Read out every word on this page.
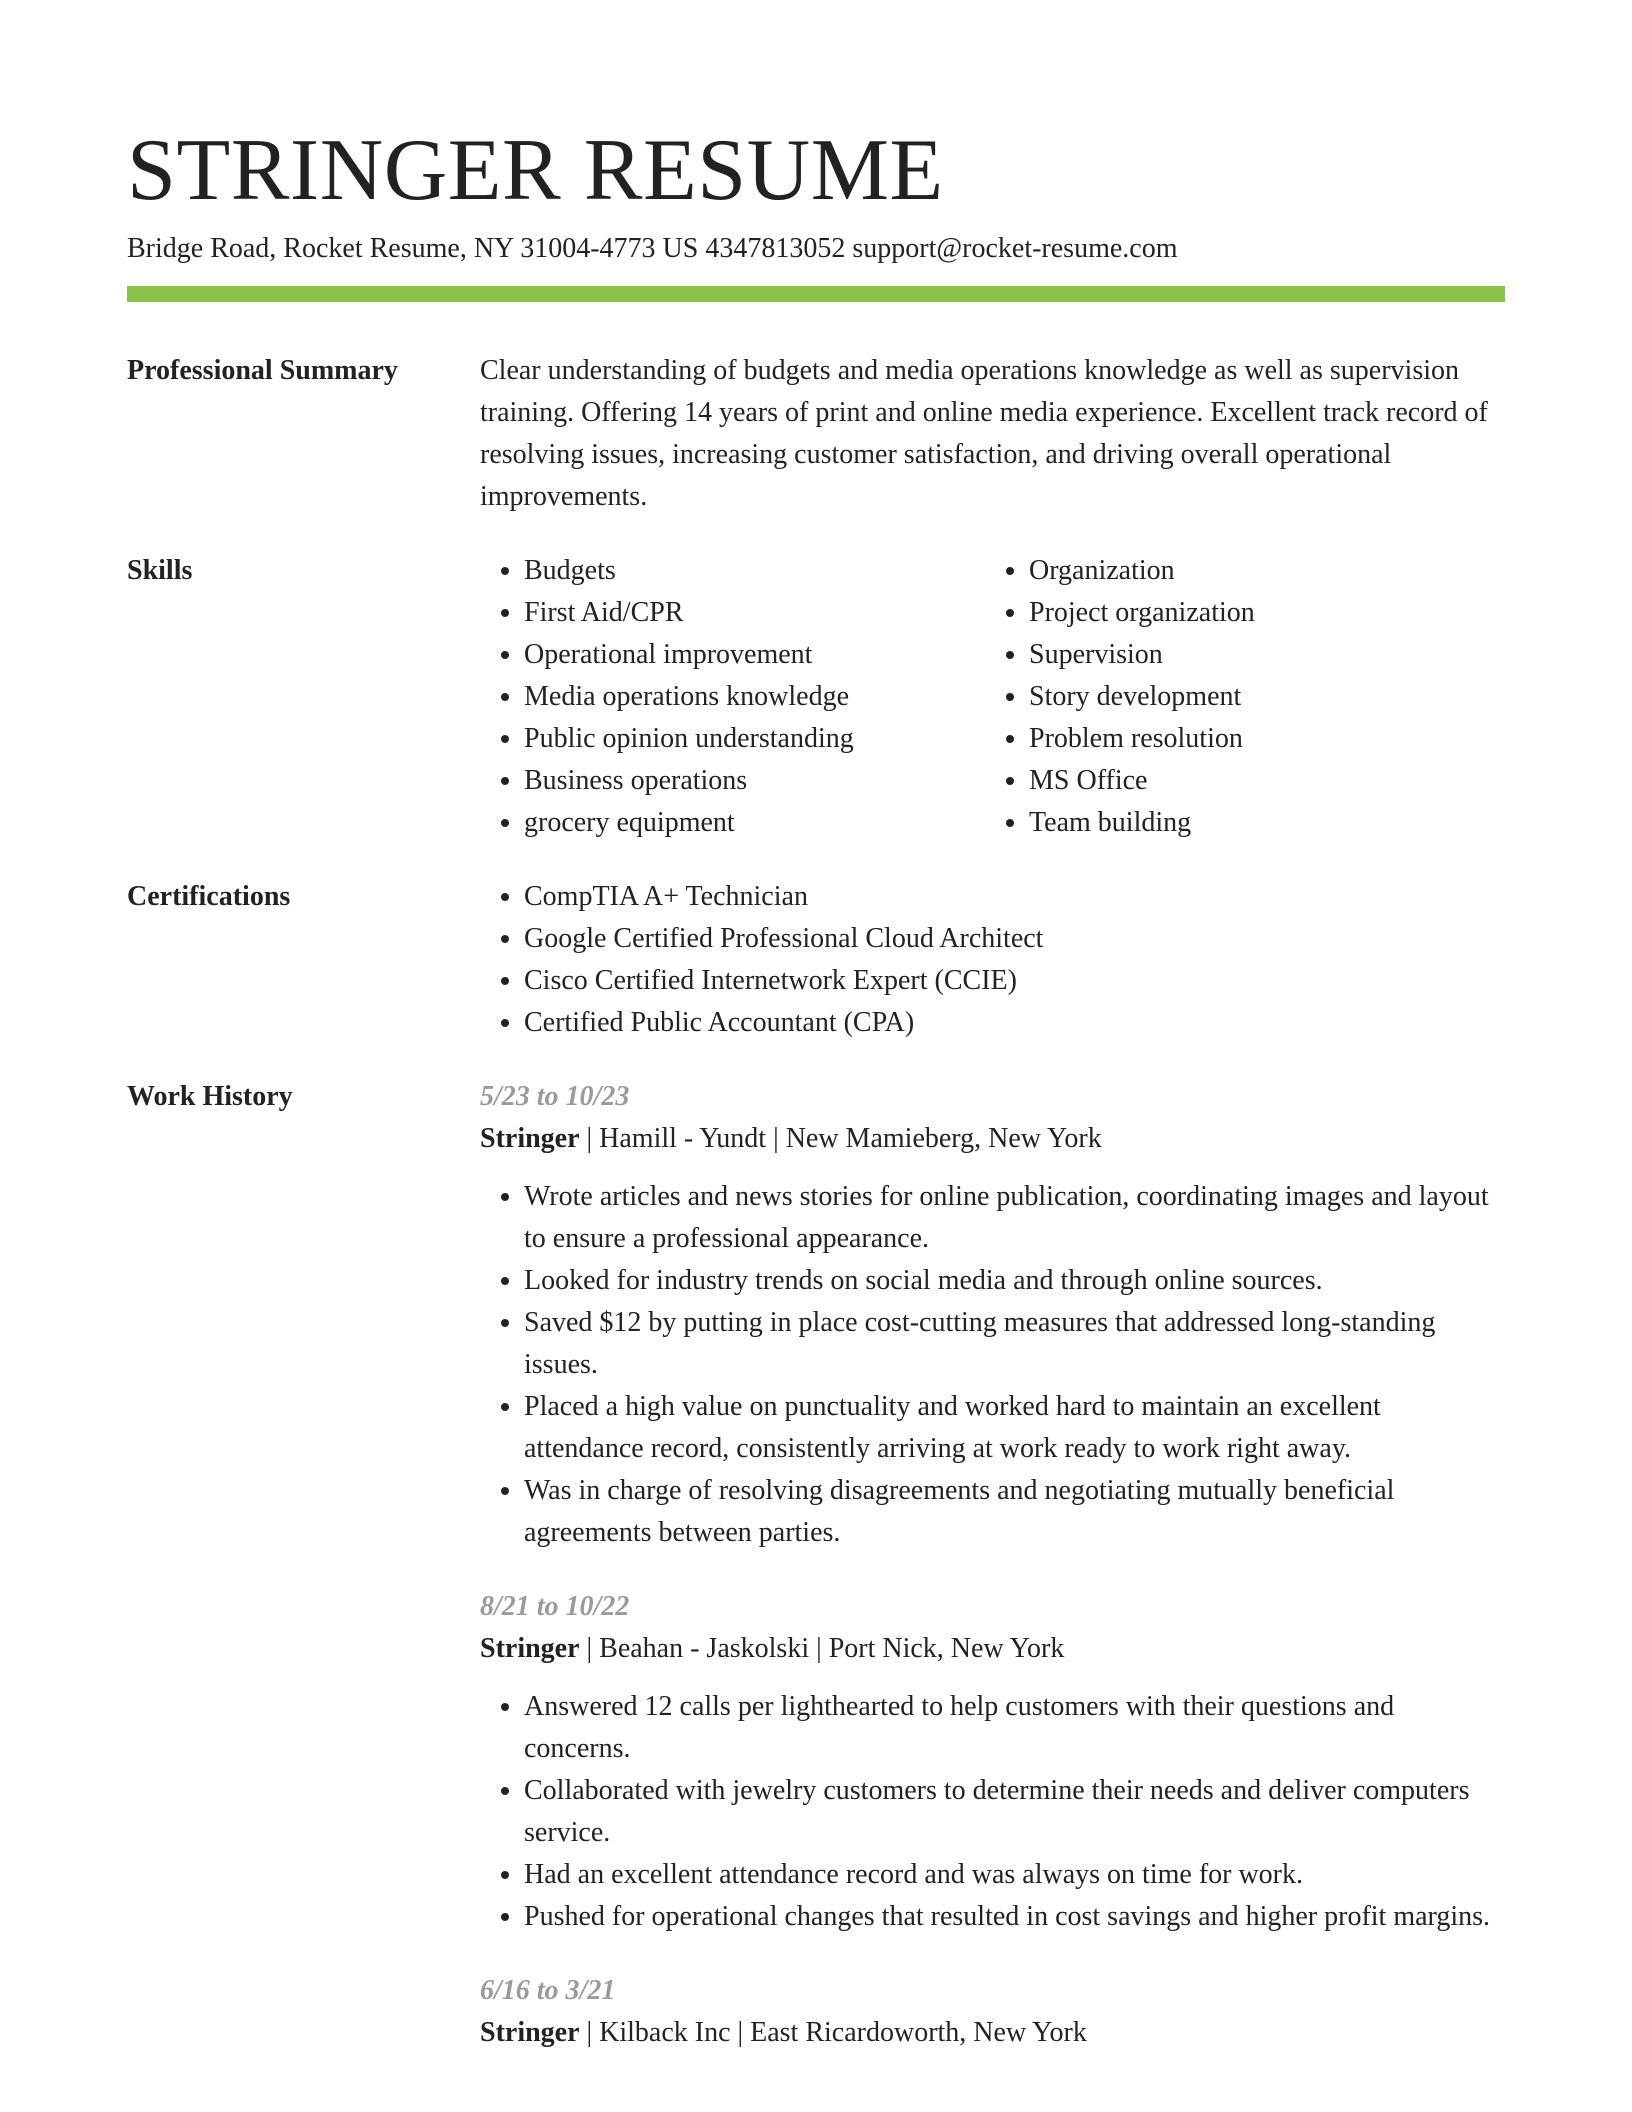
STRINGER RESUME
Bridge Road, Rocket Resume, NY 31004-4773 US 4347813052 support@rocket-resume.com
Professional Summary	Clear understanding of budgets and media operations knowledge as well as supervision training. Offering 14 years of print and online media experience. Excellent track record of resolving issues, increasing customer satisfaction, and driving overall operational improvements.

Skills	• Budgets
• First Aid/CPR
• Operational improvement
• Media operations knowledge
• Public opinion understanding
• Business operations
• grocery equipment
• Organization
• Project organization
• Supervision
• Story development
• Problem resolution
• MS Office
• Team building
Certifications	• CompTIA A+ Technician
• Google Certified Professional Cloud Architect
• Cisco Certified Internetwork Expert (CCIE)
• Certified Public Accountant (CPA)
Work History	5/23 to 10/23
Stringer | Hamill - Yundt | New Mamieberg, New York
• Wrote articles and news stories for online publication, coordinating images and layout to ensure a professional appearance.
• Looked for industry trends on social media and through online sources.
• Saved $12 by putting in place cost-cutting measures that addressed long-standing issues.
• Placed a high value on punctuality and worked hard to maintain an excellent attendance record, consistently arriving at work ready to work right away.
• Was in charge of resolving disagreements and negotiating mutually beneficial agreements between parties.
8/21 to 10/22
Stringer | Beahan - Jaskolski | Port Nick, New York
• Answered 12 calls per lighthearted to help customers with their questions and concerns.
• Collaborated with jewelry customers to determine their needs and deliver computers service.
• Had an excellent attendance record and was always on time for work.
• Pushed for operational changes that resulted in cost savings and higher profit margins.
6/16 to 3/21
Stringer | Kilback Inc | East Ricardoworth, New York
